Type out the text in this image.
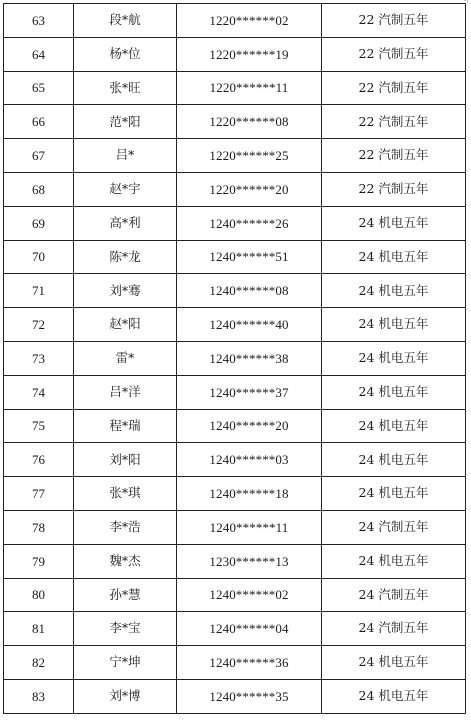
63	段*航	1220******02	22 汽制五年
64	杨*位	1220******19	22 汽制五年
65	张*旺	1220******11	22 汽制五年
66	范*阳	1220******08	22 汽制五年
67	吕*	1220******25	22 汽制五年
68	赵*宇	1220******20	22 汽制五年
69	高*利	1240******26	24 机电五年
70	陈*龙	1240******51	24 机电五年
71	刘*骞	1240******08	24 机电五年
72	赵*阳	1240******40	24 机电五年
73	雷*	1240******38	24 机电五年
74	吕*洋	1240******37	24 机电五年
75	程*瑞	1240******20	24 机电五年
76	刘*阳	1240******03	24 机电五年
77	张*琪	1240******18	24 机电五年
78	李*浩	1240******11	24 汽制五年
79	魏*杰	1230******13	24 机电五年
80	孙*慧	1240******02	24 汽制五年
81	李*宝	1240******04	24 汽制五年
82	宁*坤	1240******36	24 机电五年
83	刘*博	1240******35	24 机电五年
